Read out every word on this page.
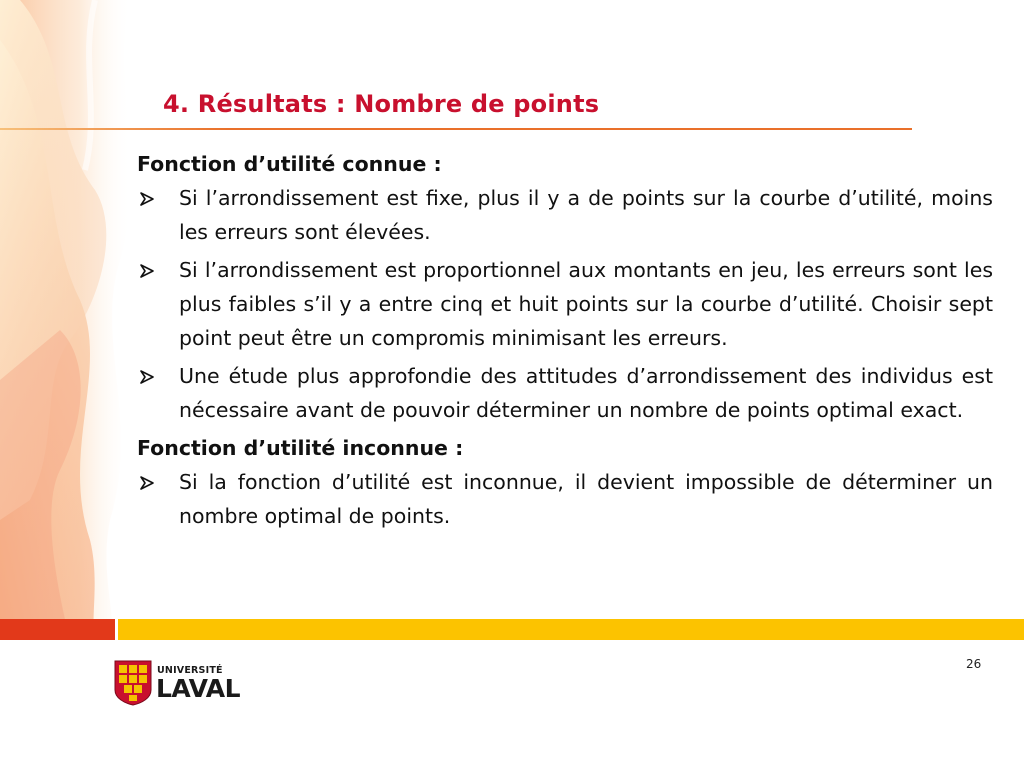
4. Résultats : Nombre de points

Fonction d’utilité connue :

Si l’arrondissement est fixe, plus il y a de points sur la courbe d’utilité, moins les erreurs sont élevées.
Si l’arrondissement est proportionnel aux montants en jeu, les erreurs sont les plus faibles s’il y a entre cinq et huit points sur la courbe d’utilité. Choisir sept point peut être un compromis minimisant les erreurs.
Une étude plus approfondie des attitudes d’arrondissement des individus est nécessaire avant de pouvoir déterminer un nombre de points optimal exact.

Fonction d’utilité inconnue :

Si la fonction d’utilité est inconnue, il devient impossible de déterminer un nombre optimal de points.
UNIVERSITÉ
LAVAL
26
